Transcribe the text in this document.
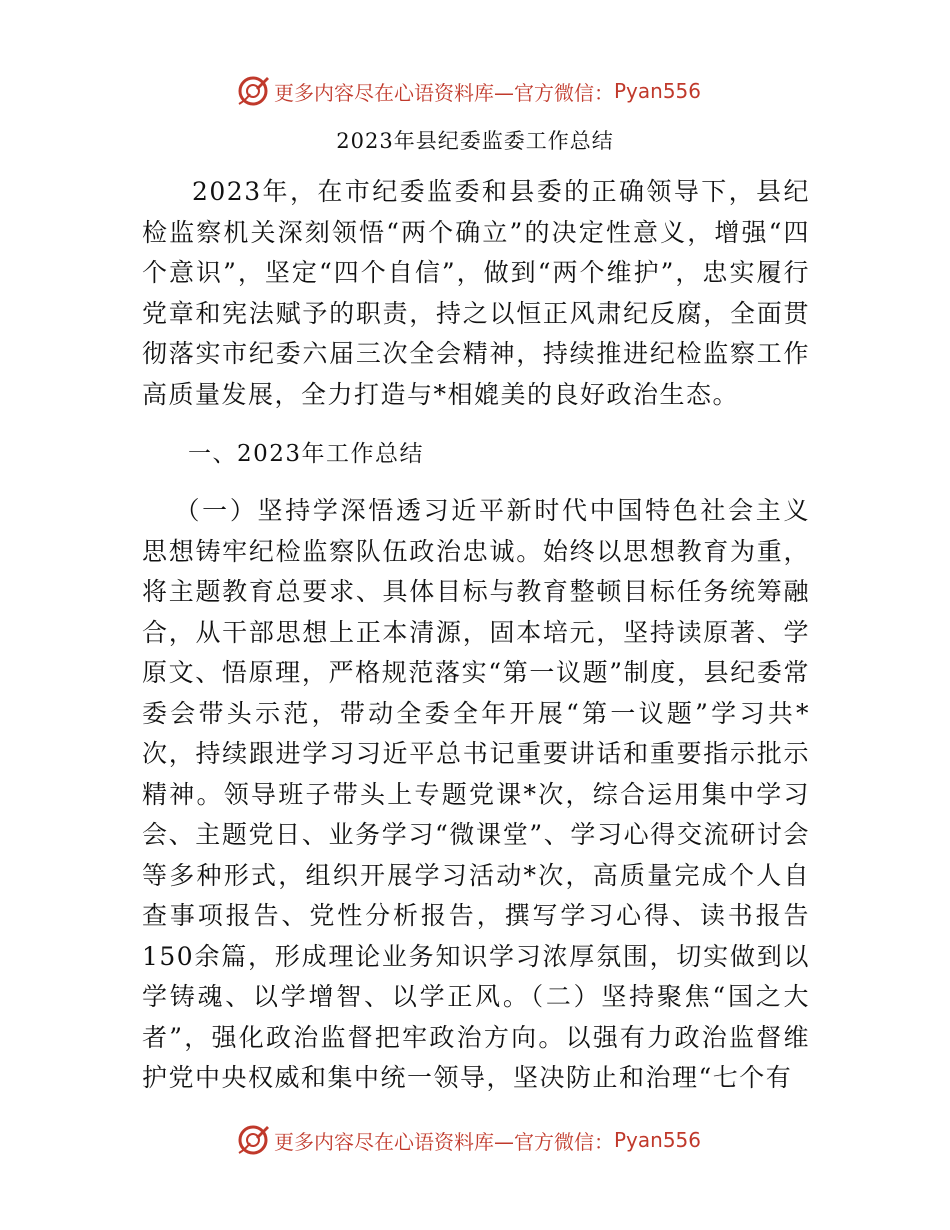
更多内容尽在心语资料库—官方微信： Pyan556
2023年县纪委监委工作总结

2023年，在市纪委监委和县委的正确领导下，县纪检监察机关深刻领悟“两个确立”的决定性意义，增强“四个意识”，坚定“四个自信”，做到“两个维护”，忠实履行党章和宪法赋予的职责，持之以恒正风肃纪反腐，全面贯彻落实市纪委六届三次全会精神，持续推进纪检监察工作高质量发展，全力打造与*相媲美的良好政治生态。

一、2023年工作总结

（一）坚持学深悟透习近平新时代中国特色社会主义思想铸牢纪检监察队伍政治忠诚。始终以思想教育为重，将主题教育总要求、具体目标与教育整顿目标任务统筹融合，从干部思想上正本清源，固本培元，坚持读原著、学原文、悟原理，严格规范落实“第一议题”制度，县纪委常委会带头示范，带动全委全年开展“第一议题”学习共*次，持续跟进学习习近平总书记重要讲话和重要指示批示精神。领导班子带头上专题党课*次，综合运用集中学习会、主题党日、业务学习“微课堂”、学习心得交流研讨会等多种形式，组织开展学习活动*次，高质量完成个人自查事项报告、党性分析报告，撰写学习心得、读书报告150余篇，形成理论业务知识学习浓厚氛围，切实做到以学铸魂、以学增智、以学正风。（二）坚持聚焦“国之大者”，强化政治监督把牢政治方向。以强有力政治监督维护党中央权威和集中统一领导，坚决防止和治理“七个有

更多内容尽在心语资料库—官方微信： Pyan556
